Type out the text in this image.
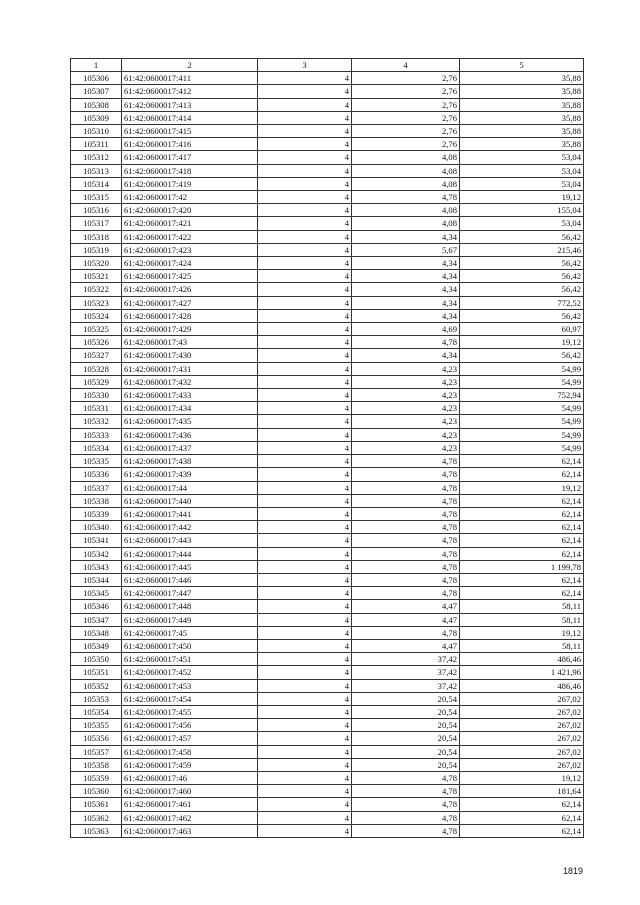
1	2	3	4	5
105306	61:42:0600017:411	4	2,76	35,88
105307	61:42:0600017:412	4	2,76	35,88
105308	61:42:0600017:413	4	2,76	35,88
105309	61:42:0600017:414	4	2,76	35,88
105310	61:42:0600017:415	4	2,76	35,88
105311	61:42:0600017:416	4	2,76	35,88
105312	61:42:0600017:417	4	4,08	53,04
105313	61:42:0600017:418	4	4,08	53,04
105314	61:42:0600017:419	4	4,08	53,04
105315	61:42:0600017:42	4	4,78	19,12
105316	61:42:0600017:420	4	4,08	155,04
105317	61:42:0600017:421	4	4,08	53,04
105318	61:42:0600017:422	4	4,34	56,42
105319	61:42:0600017:423	4	5,67	215,46
105320	61:42:0600017:424	4	4,34	56,42
105321	61:42:0600017:425	4	4,34	56,42
105322	61:42:0600017:426	4	4,34	56,42
105323	61:42:0600017:427	4	4,34	772,52
105324	61:42:0600017:428	4	4,34	56,42
105325	61:42:0600017:429	4	4,69	60,97
105326	61:42:0600017:43	4	4,78	19,12
105327	61:42:0600017:430	4	4,34	56,42
105328	61:42:0600017:431	4	4,23	54,99
105329	61:42:0600017:432	4	4,23	54,99
105330	61:42:0600017:433	4	4,23	752,94
105331	61:42:0600017:434	4	4,23	54,99
105332	61:42:0600017:435	4	4,23	54,99
105333	61:42:0600017:436	4	4,23	54,99
105334	61:42:0600017:437	4	4,23	54,99
105335	61:42:0600017:438	4	4,78	62,14
105336	61:42:0600017:439	4	4,78	62,14
105337	61:42:0600017:44	4	4,78	19,12
105338	61:42:0600017:440	4	4,78	62,14
105339	61:42:0600017:441	4	4,78	62,14
105340	61:42:0600017:442	4	4,78	62,14
105341	61:42:0600017:443	4	4,78	62,14
105342	61:42:0600017:444	4	4,78	62,14
105343	61:42:0600017:445	4	4,78	1 199,78
105344	61:42:0600017:446	4	4,78	62,14
105345	61:42:0600017:447	4	4,78	62,14
105346	61:42:0600017:448	4	4,47	58,11
105347	61:42:0600017:449	4	4,47	58,11
105348	61:42:0600017:45	4	4,78	19,12
105349	61:42:0600017:450	4	4,47	58,11
105350	61:42:0600017:451	4	37,42	486,46
105351	61:42:0600017:452	4	37,42	1 421,96
105352	61:42:0600017:453	4	37,42	486,46
105353	61:42:0600017:454	4	20,54	267,02
105354	61:42:0600017:455	4	20,54	267,02
105355	61:42:0600017:456	4	20,54	267,02
105356	61:42:0600017:457	4	20,54	267,02
105357	61:42:0600017:458	4	20,54	267,02
105358	61:42:0600017:459	4	20,54	267,02
105359	61:42:0600017:46	4	4,78	19,12
105360	61:42:0600017:460	4	4,78	181,64
105361	61:42:0600017:461	4	4,78	62,14
105362	61:42:0600017:462	4	4,78	62,14
105363	61:42:0600017:463	4	4,78	62,14
1819
